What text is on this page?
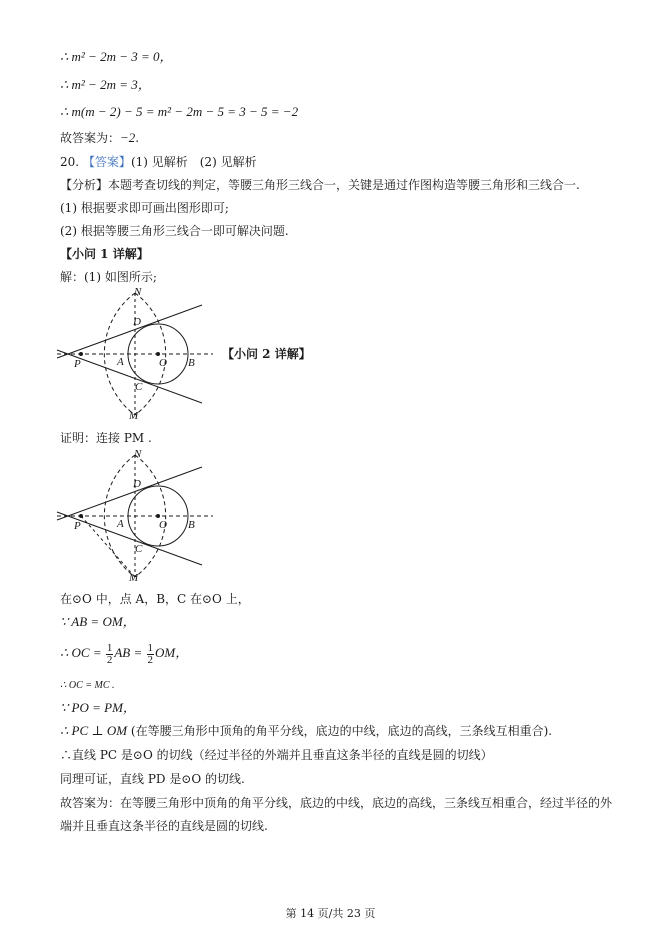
∴ m² − 2m − 3 = 0，
∴ m² − 2m = 3，
∴ m(m − 2) − 5 = m² − 2m − 5 = 3 − 5 = −2
故答案为：−2.
20. 【答案】(1) 见解析　(2) 见解析
【分析】本题考查切线的判定，等腰三角形三线合一，关键是通过作图构造等腰三角形和三线合一.
(1) 根据要求即可画出图形即可;
(2) 根据等腰三角形三线合一即可解决问题.
【小问 1 详解】
解：(1) 如图所示;
N
D
A	O B
P
C
M
【小问 2 详解】
证明：连接 PM .
N
D
A	O B
P
C
M
在⊙O 中，点 A，B，C 在⊙O 上，
∵ AB = OM，
∴ OC = $\frac{1}{2}$ AB = $\frac{1}{2}$ OM，
∴ OC = MC .
∵ PO = PM，
∴ PC ⊥ OM (在等腰三角形中顶角的角平分线，底边的中线，底边的高线，三条线互相重合).
∴直线 PC 是⊙O 的切线（经过半径的外端并且垂直这条半径的直线是圆的切线）
同理可证，直线 PD 是⊙O 的切线.
故答案为：在等腰三角形中顶角的角平分线，底边的中线，底边的高线，三条线互相重合，经过半径的外
端并且垂直这条半径的直线是圆的切线.
第 14 页/共 23 页
